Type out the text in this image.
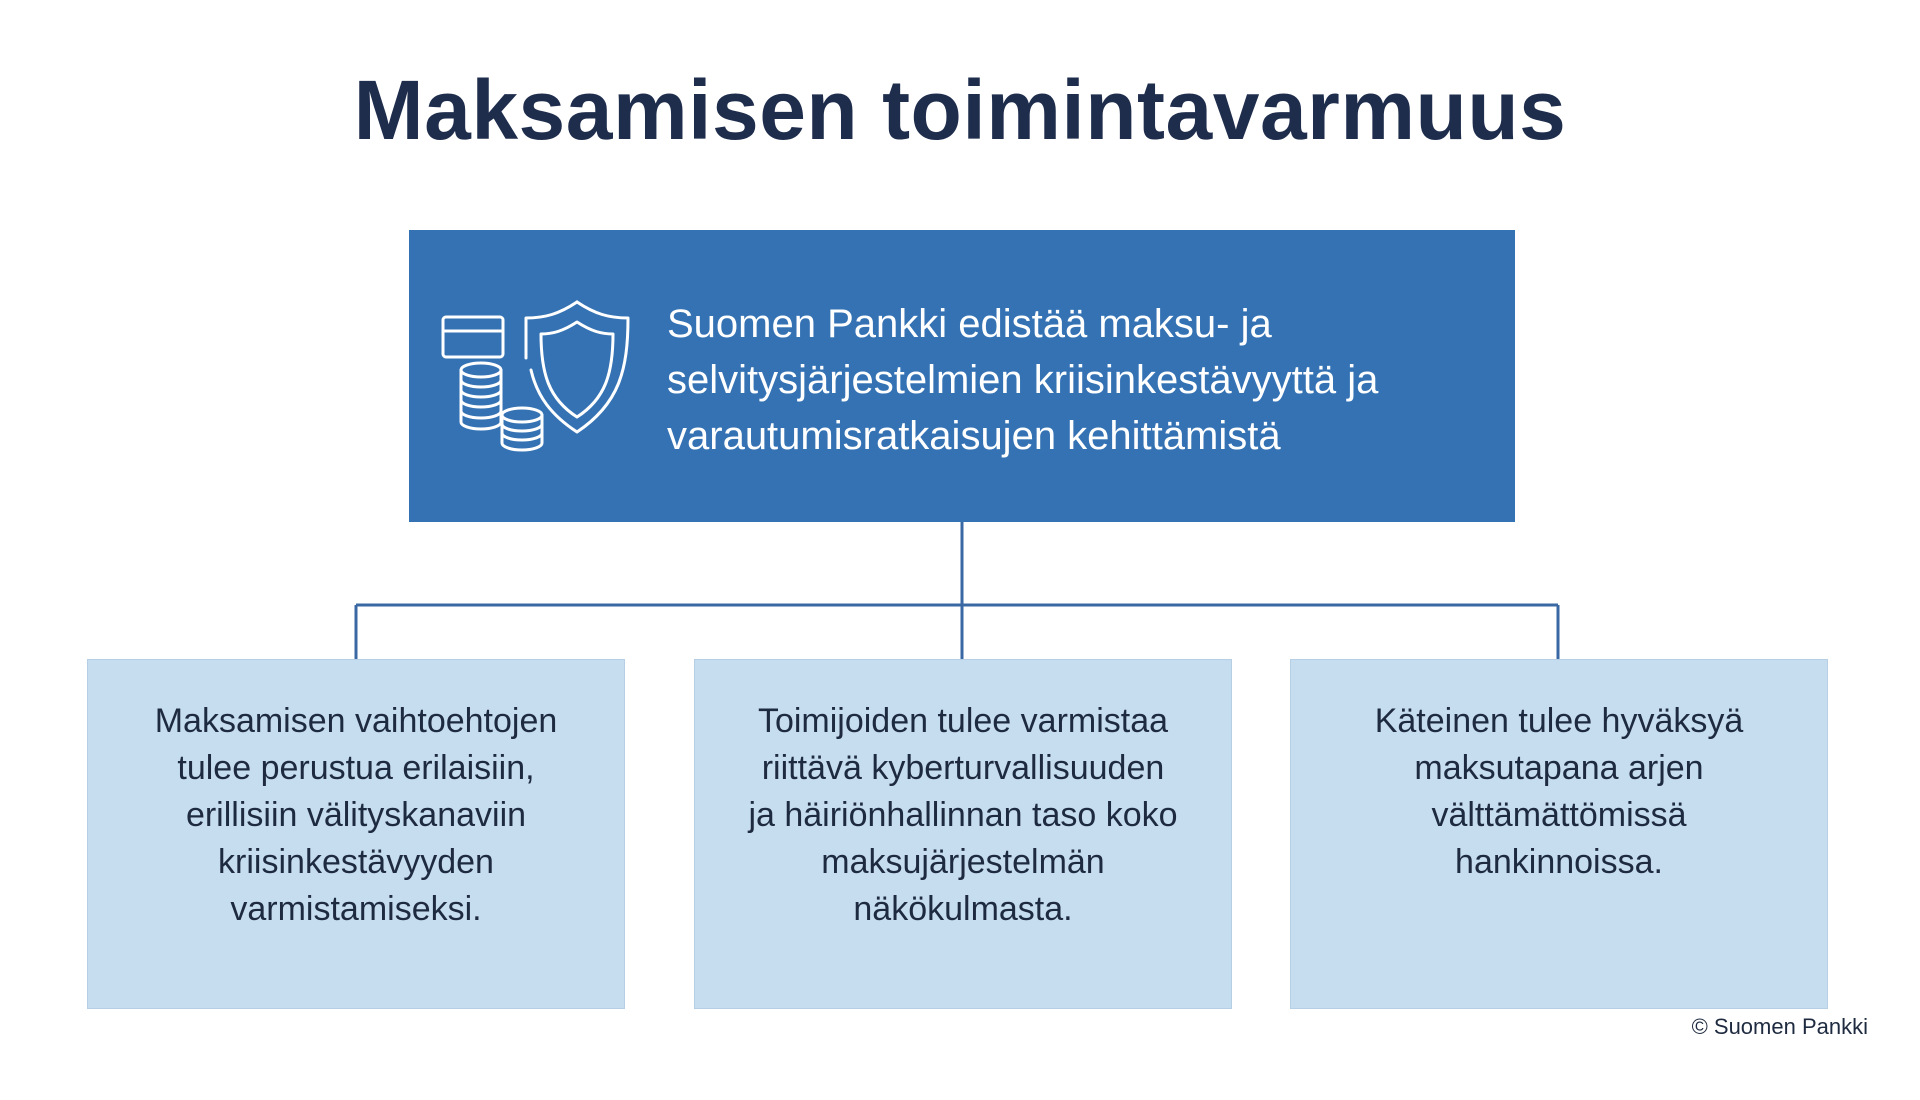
Maksamisen toimintavarmuus
Suomen Pankki edistää maksu- ja
selvitysjärjestelmien kriisinkestävyyttä ja
varautumisratkaisujen kehittämistä
Maksamisen vaihtoehtojen
tulee perustua erilaisiin,
erillisiin välityskanaviin
kriisinkestävyyden
varmistamiseksi.
Toimijoiden tulee varmistaa
riittävä kyberturvallisuuden
ja häiriönhallinnan taso koko
maksujärjestelmän
näkökulmasta.
Käteinen tulee hyväksyä
maksutapana arjen
välttämättömissä
hankinnoissa.
© Suomen Pankki
